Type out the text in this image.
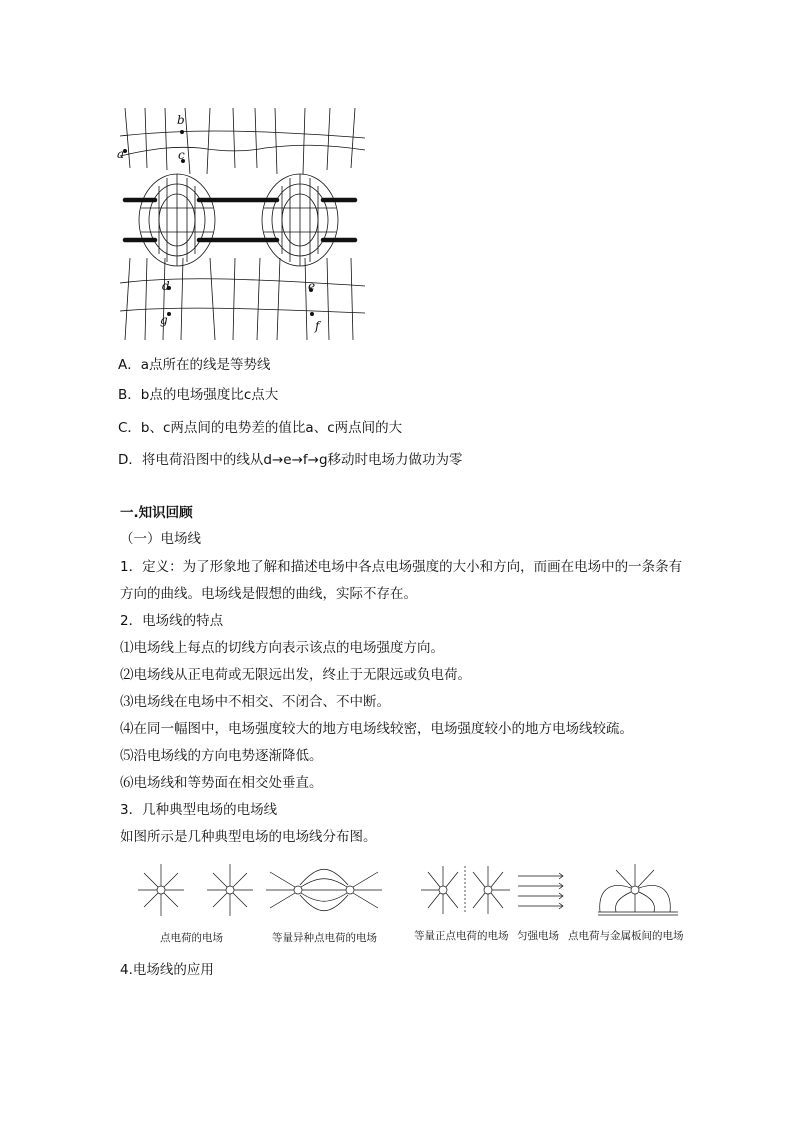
a
b
c
d	e
f
g
A．a点所在的线是等势线
B．b点的电场强度比c点大
C．b、c两点间的电势差的值比a、c两点间的大
D．将电荷沿图中的线从d→e→f→g移动时电场力做功为零
一.知识回顾
（一）电场线
1．定义：为了形象地了解和描述电场中各点电场强度的大小和方向，而画在电场中的一条条有
方向的曲线。电场线是假想的曲线，实际不存在。
2．电场线的特点
⑴电场线上每点的切线方向表示该点的电场强度方向。
⑵电场线从正电荷或无限远出发，终止于无限远或负电荷。
⑶电场线在电场中不相交、不闭合、不中断。
⑷在同一幅图中，电场强度较大的地方电场线较密，电场强度较小的地方电场线较疏。
⑸沿电场线的方向电势逐渐降低。
⑹电场线和等势面在相交处垂直。
3．几种典型电场的电场线
如图所示是几种典型电场的电场线分布图。
点电荷的电场	等量异种点电荷的电场	等量正点电荷的电场 匀强电场 点电荷与金属板间的电场
4.电场线的应用
